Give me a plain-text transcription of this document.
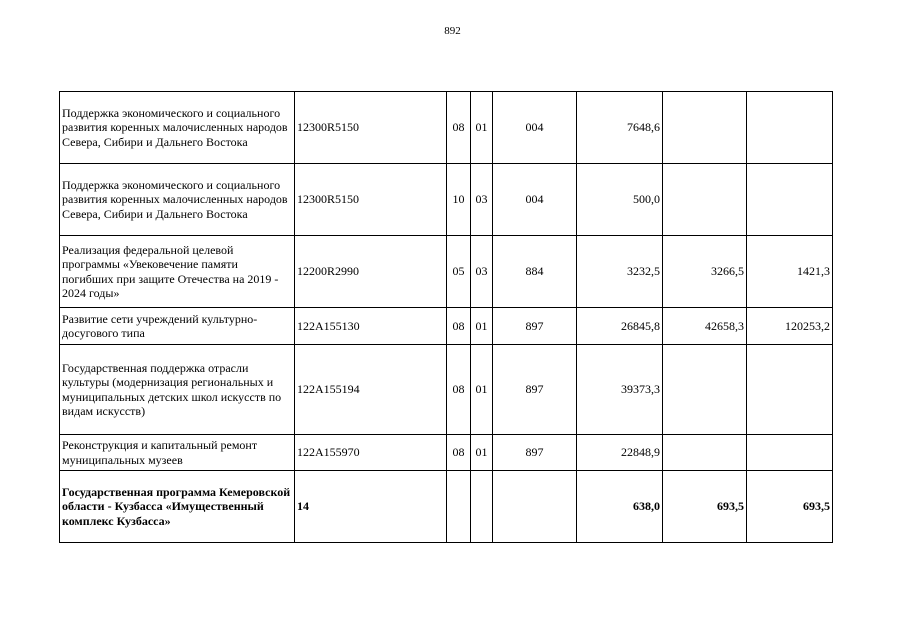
892
Поддержка экономического и социального развития коренных малочисленных народов Севера, Сибири и Дальнего Востока	12300R5150	08	01	004	7648,6		
Поддержка экономического и социального развития коренных малочисленных народов Севера, Сибири и Дальнего Востока	12300R5150	10	03	004	500,0		
Реализация федеральной целевой программы «Увековечение памяти погибших при защите Отечества на 2019 - 2024 годы»	12200R2990	05	03	884	3232,5	3266,5	1421,3
Развитие сети учреждений культурно-досугового типа	122A155130	08	01	897	26845,8	42658,3	120253,2
Государственная поддержка отрасли культуры (модернизация региональных и муниципальных детских школ искусств по видам искусств)	122A155194	08	01	897	39373,3		
Реконструкция и капитальный ремонт муниципальных музеев	122A155970	08	01	897	22848,9		
Государственная программа Кемеровской области - Кузбасса «Имущественный комплекс Кузбасса»	14				638,0	693,5	693,5
